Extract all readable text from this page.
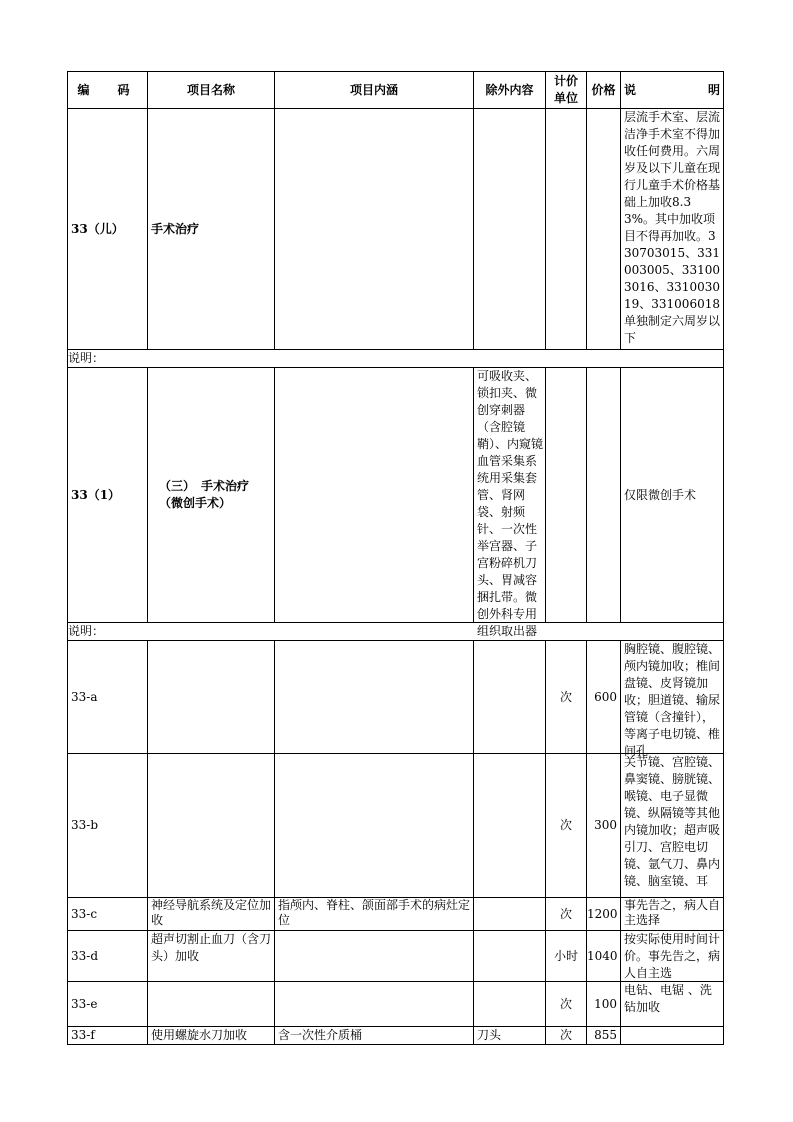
编　码	项目名称	项目内涵	除外内容	计价单位	价格	说 明

33（儿）	手术治疗					层流手术室、层流洁净手术室不得加收任何费用。六周岁及以下儿童在现行儿童手术价格基础上加收8.33%。其中加收项目不得再加收。330703015、331003005、331003016、331003019、331006018单独制定六周岁以下

说明：						
33（1）	（三）　手术治疗（微创手术）		可吸收夹、锁扣夹、微创穿刺器（含腔镜鞘）、内窥镜血管采集系统用采集套管、肾网袋、射频针、一次性举宫器、子宫粉碎机刀头、胃减容捆扎带。微创外科专用组织取出器			仅限微创手术
说明：						
33-a				次	600	胸腔镜、腹腔镜、颅内镜加收；椎间盘镜、皮肾镜加收；胆道镜、输尿管镜（含撞针），等离子电切镜、椎间孔

33-b				次	300	关节镜、宫腔镜、鼻窦镜、膀胱镜、喉镜、电子显微镜、纵隔镜等其他内镜加收；超声吸引刀、宫腔电切镜、氩气刀、鼻内镜、脑室镜、耳

33-c	神经导航系统及定位加收	指颅内、脊柱、颌面部手术的病灶定位		次	1200	事先告之，病人自主选择

33-d	超声切割止血刀（含刀头）加收			小时	1040	按实际使用时间计价。事先告之，病人自主选

33-e				次	100	电钻、电锯 、洗钻加收

33-f	使用螺旋水刀加收	含一次性介质桶	刀头	次	855	
